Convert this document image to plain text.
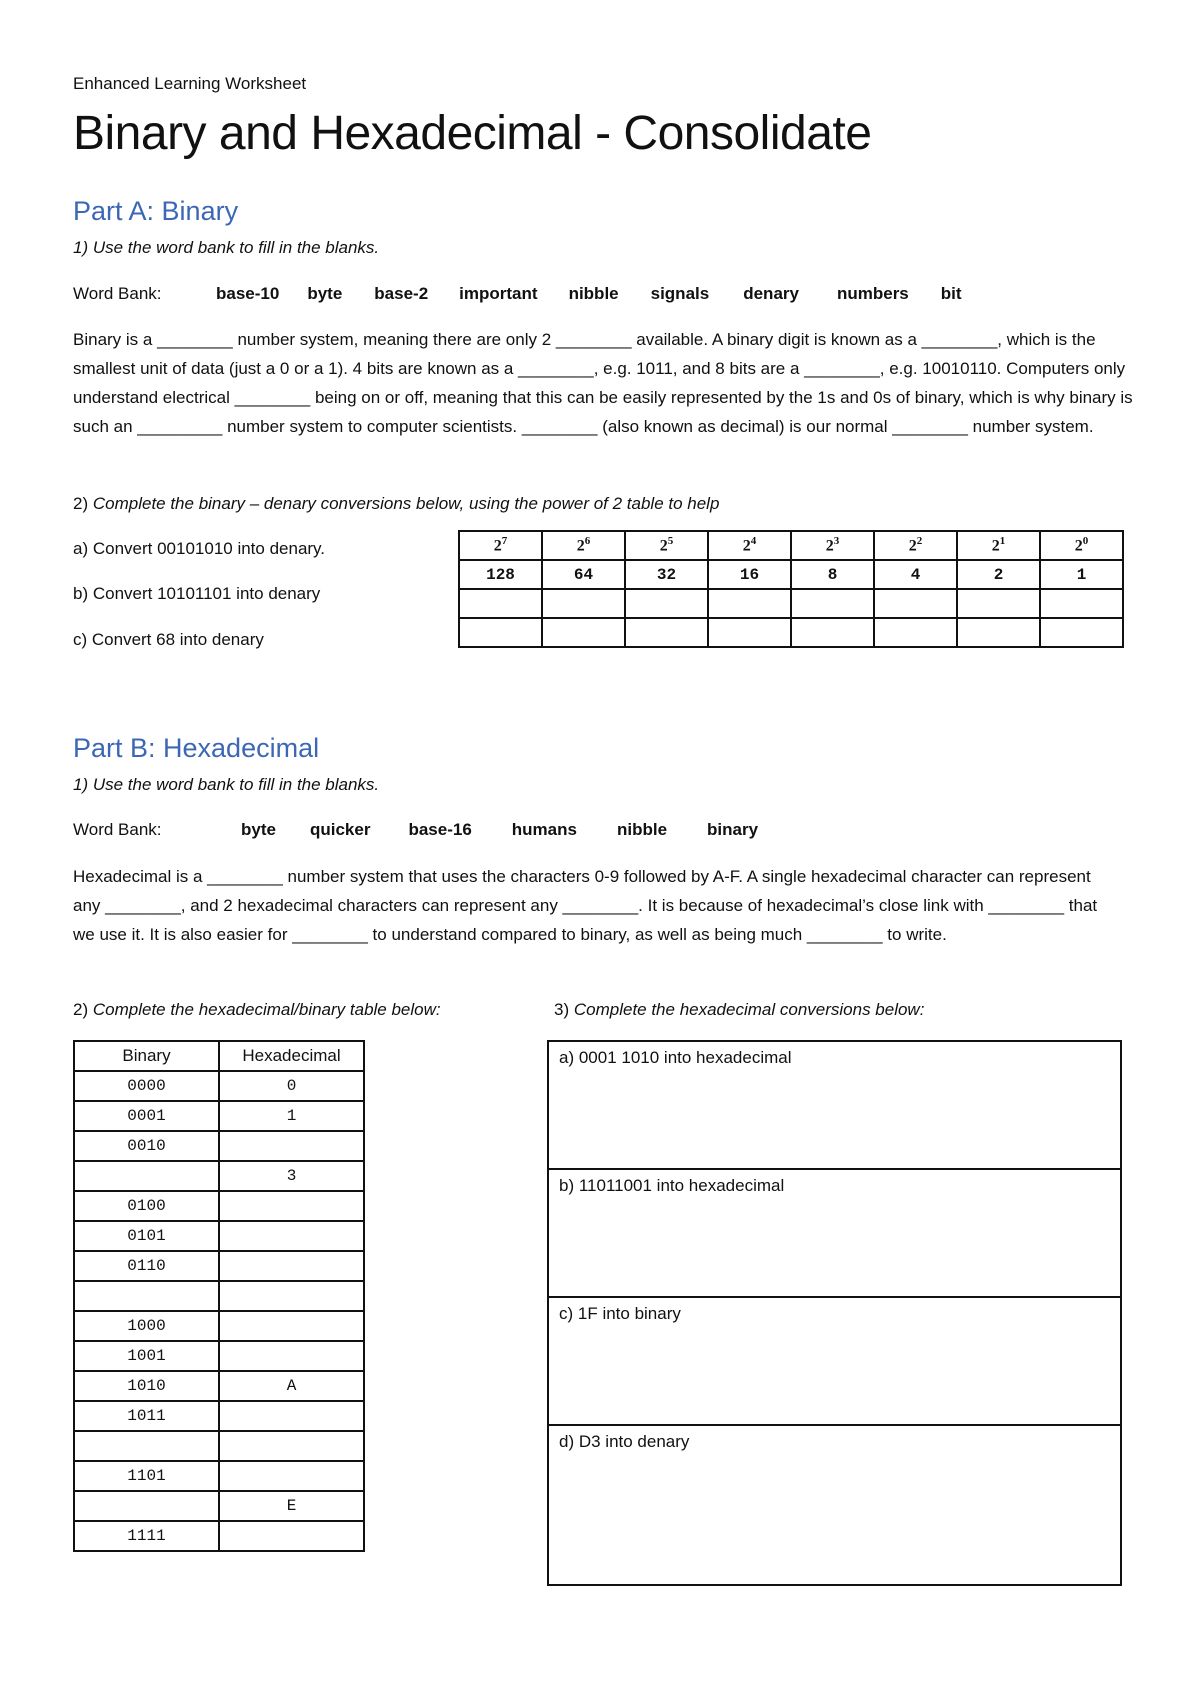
Enhanced Learning Worksheet
Binary and Hexadecimal - Consolidate
Part A: Binary
1) Use the word bank to fill in the blanks.
Word Bank:	base-10 byte base-2 important nibble signals denary numbers bit
Binary is a ________ number system, meaning there are only 2 ________ available. A binary digit is known as a ________, which is the smallest unit of data (just a 0 or a 1). 4 bits are known as a ________, e.g. 1011, and 8 bits are a ________, e.g. 10010110. Computers only understand electrical ________ being on or off, meaning that this can be easily represented by the 1s and 0s of binary, which is why binary is such an _________ number system to computer scientists. ________ (also known as decimal) is our normal ________ number system.
2) Complete the binary – denary conversions below, using the power of 2 table to help
a) Convert 00101010 into denary.
b) Convert 10101101 into denary
c) Convert 68 into denary
$2^7$	$2^6$	$2^5$	$2^4$	$2^3$	$2^2$	$2^1$	$2^0$
128	64	32	16	8	4	2	1

Part B: Hexadecimal
1) Use the word bank to fill in the blanks.
Word Bank:	byte quicker base-16 humans nibble binary
Hexadecimal is a ________ number system that uses the characters 0-9 followed by A-F. A single hexadecimal character can represent any ________, and 2 hexadecimal characters can represent any ________. It is because of hexadecimal’s close link with ________ that we use it. It is also easier for ________ to understand compared to binary, as well as being much ________ to write.
2) Complete the hexadecimal/binary table below:	3) Complete the hexadecimal conversions below:
Binary	Hexadecimal
0000	0
0001	1
0010	
	3
0100	
0101	
0110	

1000	
1001	
1010	A
1011	

1101	
	E
1111	
a) 0001 1010 into hexadecimal
b) 11011001 into hexadecimal
c) 1F into binary
d) D3 into denary
